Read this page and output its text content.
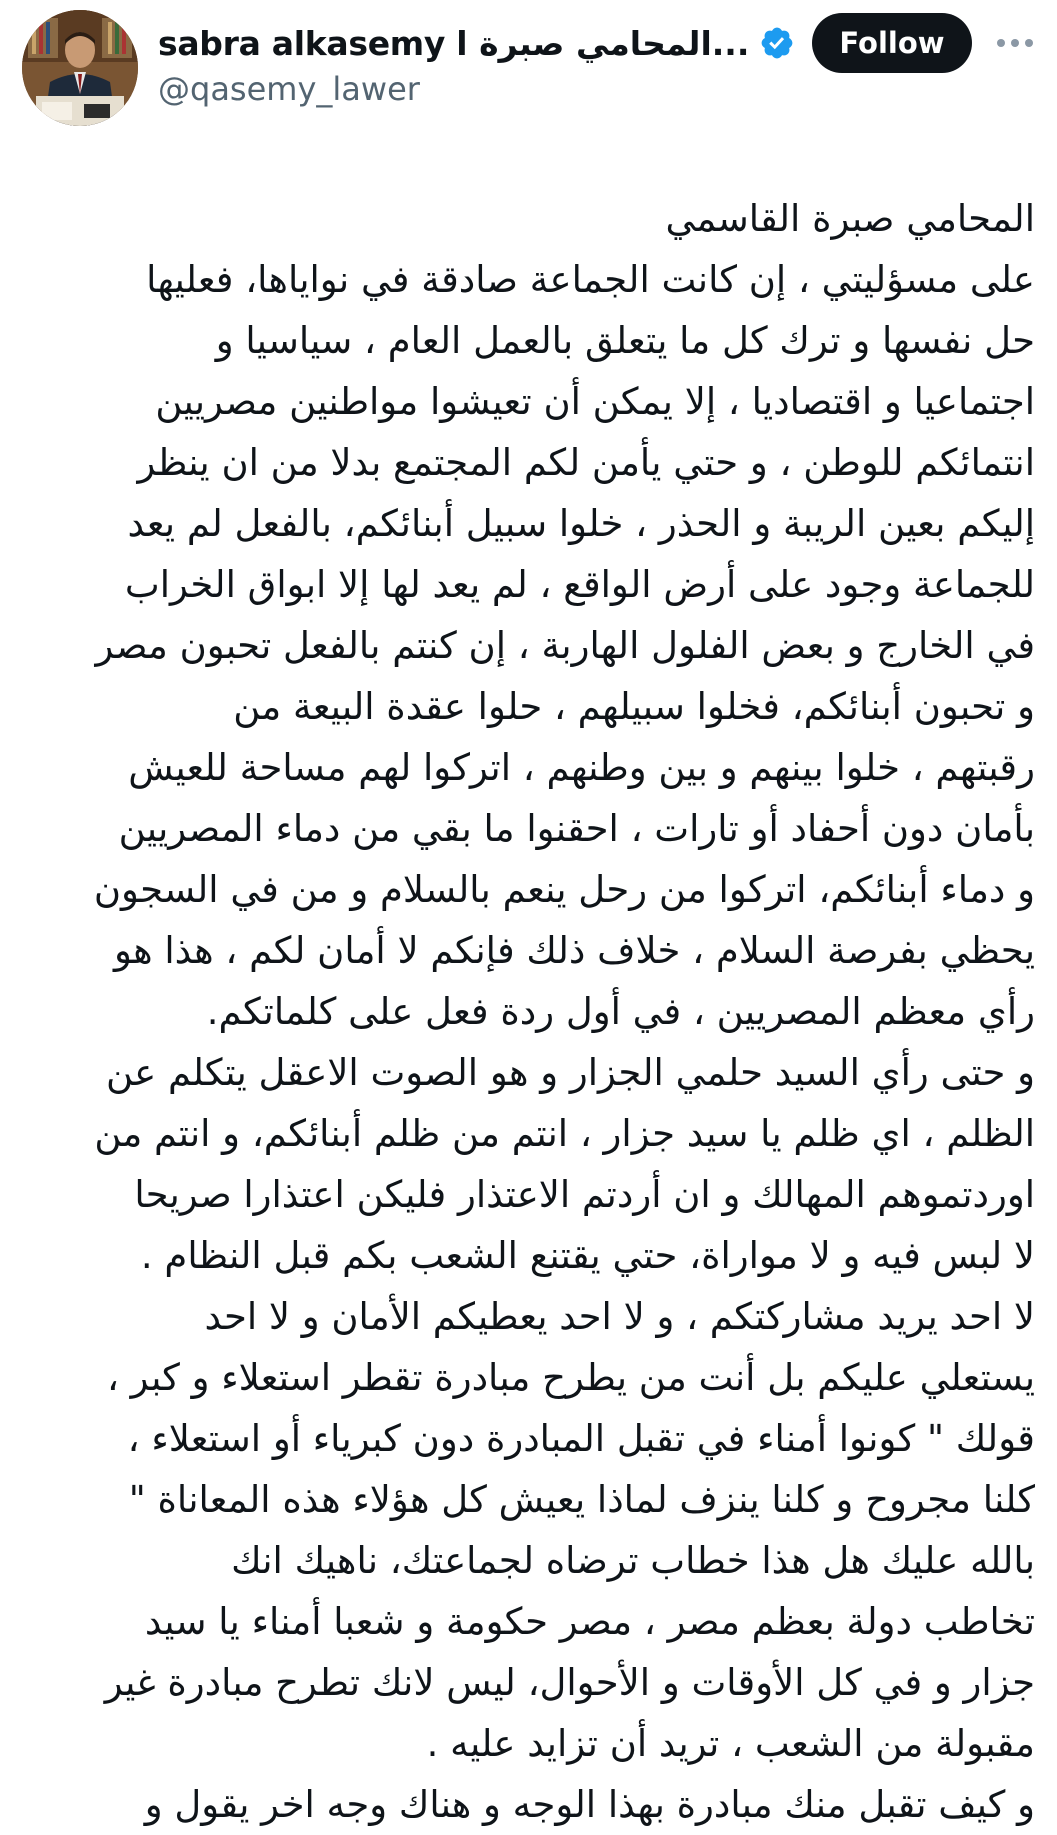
sabra alkasemy المحامي صبرة ا...
@qasemy_lawer
Follow
المحامي صبرة القاسمي
على مسؤليتي ، إن كانت الجماعة صادقة في نواياها، فعليها
حل نفسها و ترك كل ما يتعلق بالعمل العام ، سياسيا و
اجتماعيا و اقتصاديا ، إلا يمكن أن تعيشوا مواطنين مصريين
انتمائكم للوطن ، و حتي يأمن لكم المجتمع بدلا من ان ينظر
إليكم بعين الريبة و الحذر ، خلوا سبيل أبنائكم، بالفعل لم يعد
للجماعة وجود على أرض الواقع ، لم يعد لها إلا ابواق الخراب
في الخارج و بعض الفلول الهاربة ، إن كنتم بالفعل تحبون مصر
و تحبون أبنائكم، فخلوا سبيلهم ، حلوا عقدة البيعة من
رقبتهم ، خلوا بينهم و بين وطنهم ، اتركوا لهم مساحة للعيش
بأمان دون أحفاد أو تارات ، احقنوا ما بقي من دماء المصريين
و دماء أبنائكم، اتركوا من رحل ينعم بالسلام و من في السجون
يحظي بفرصة السلام ، خلاف ذلك فإنكم لا أمان لكم ، هذا هو
رأي معظم المصريين ، في أول ردة فعل على كلماتكم.
و حتى رأي السيد حلمي الجزار و هو الصوت الاعقل يتكلم عن
الظلم ، اي ظلم يا سيد جزار ، انتم من ظلم أبنائكم، و انتم من
اوردتموهم المهالك و ان أردتم الاعتذار فليكن اعتذارا صريحا
لا لبس فيه و لا مواراة، حتي يقتنع الشعب بكم قبل النظام .
لا احد يريد مشاركتكم ، و لا احد يعطيكم الأمان و لا احد
يستعلي عليكم بل أنت من يطرح مبادرة تقطر استعلاء و كبر ،
قولك " كونوا أمناء في تقبل المبادرة دون كبرياء أو استعلاء ،
كلنا مجروح و كلنا ينزف لماذا يعيش كل هؤلاء هذه المعاناة "
بالله عليك هل هذا خطاب ترضاه لجماعتك، ناهيك انك
تخاطب دولة بعظم مصر ، مصر حكومة و شعبا أمناء يا سيد
جزار و في كل الأوقات و الأحوال، ليس لانك تطرح مبادرة غير
مقبولة من الشعب ، تريد أن تزايد عليه .
و كيف تقبل منك مبادرة بهذا الوجه و هناك وجه اخر يقول و
